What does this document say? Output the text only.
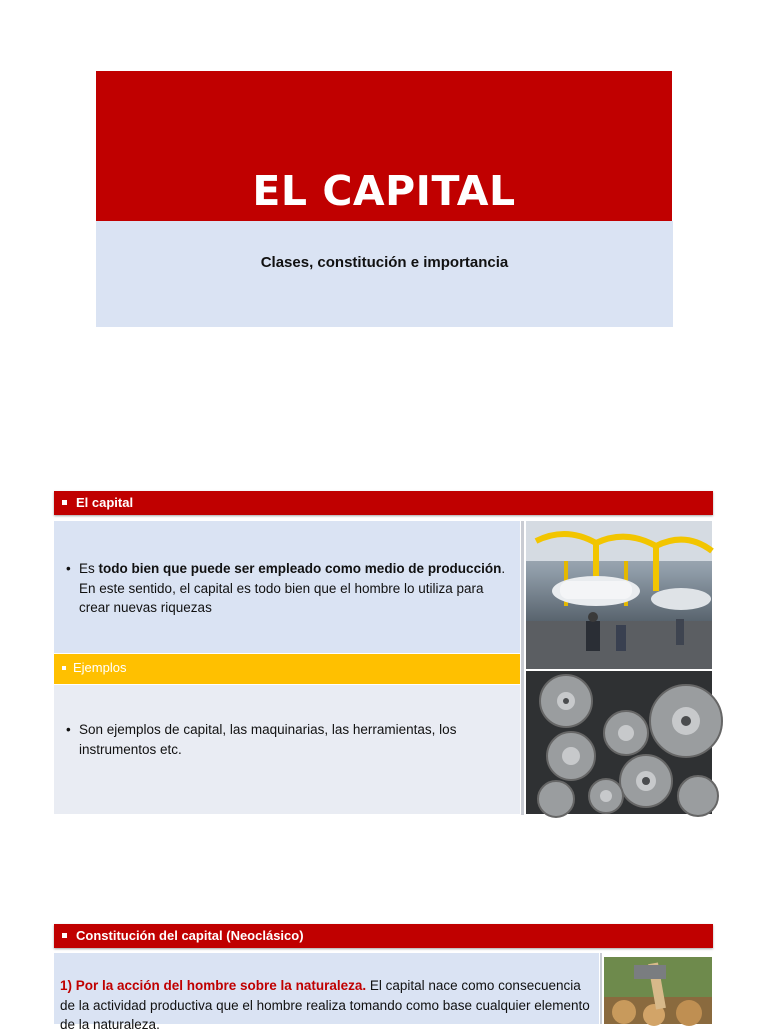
EL CAPITAL
Clases, constitución e importancia
El capital
• Es todo bien que puede ser empleado como medio de producción. En este sentido, el capital es todo bien que el hombre lo utiliza para crear nuevas riquezas
Ejemplos
• Son ejemplos de capital, las maquinarias, las herramientas, los instrumentos etc.
Constitución del capital (Neoclásico)
1) Por la acción del hombre sobre la naturaleza. El capital nace como consecuencia de la actividad productiva que el hombre realiza tomando como base cualquier elemento de la naturaleza.
